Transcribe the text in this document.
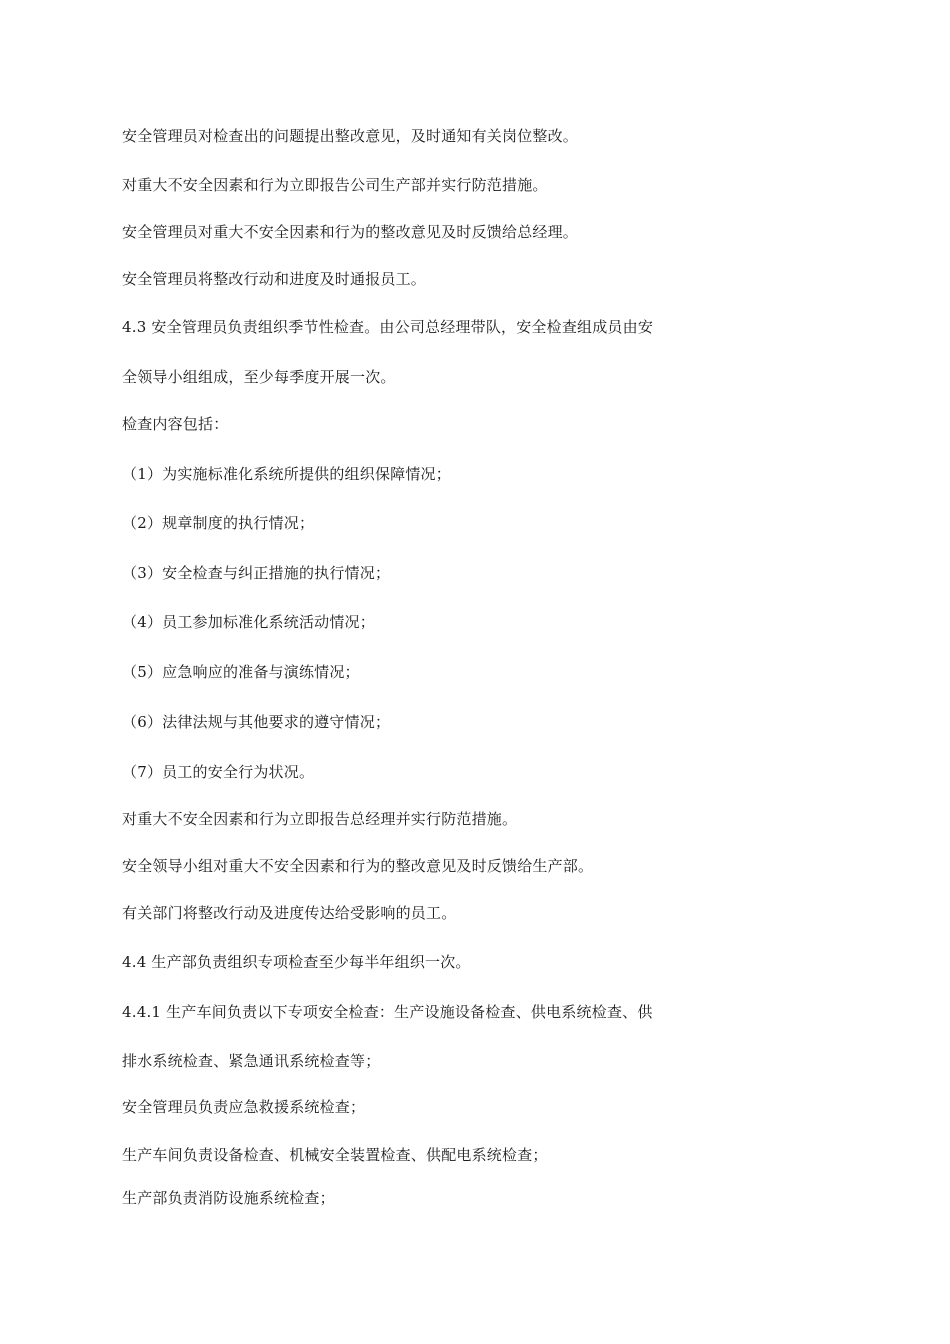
安全管理员对检查出的问题提出整改意见，及时通知有关岗位整改。
对重大不安全因素和行为立即报告公司生产部并实行防范措施。
安全管理员对重大不安全因素和行为的整改意见及时反馈给总经理。
安全管理员将整改行动和进度及时通报员工。
4.3 安全管理员负责组织季节性检查。由公司总经理带队，安全检查组成员由安
全领导小组组成，至少每季度开展一次。
检查内容包括：
（1）为实施标准化系统所提供的组织保障情况；
（2）规章制度的执行情况；
（3）安全检查与纠正措施的执行情况；
（4）员工参加标准化系统活动情况；
（5）应急响应的准备与演练情况；
（6）法律法规与其他要求的遵守情况；
（7）员工的安全行为状况。
对重大不安全因素和行为立即报告总经理并实行防范措施。
安全领导小组对重大不安全因素和行为的整改意见及时反馈给生产部。
有关部门将整改行动及进度传达给受影响的员工。
4.4 生产部负责组织专项检查至少每半年组织一次。
4.4.1 生产车间负责以下专项安全检查：生产设施设备检查、供电系统检查、供
排水系统检查、紧急通讯系统检查等；
安全管理员负责应急救援系统检查；
生产车间负责设备检查、机械安全装置检查、供配电系统检查；
生产部负责消防设施系统检查；
